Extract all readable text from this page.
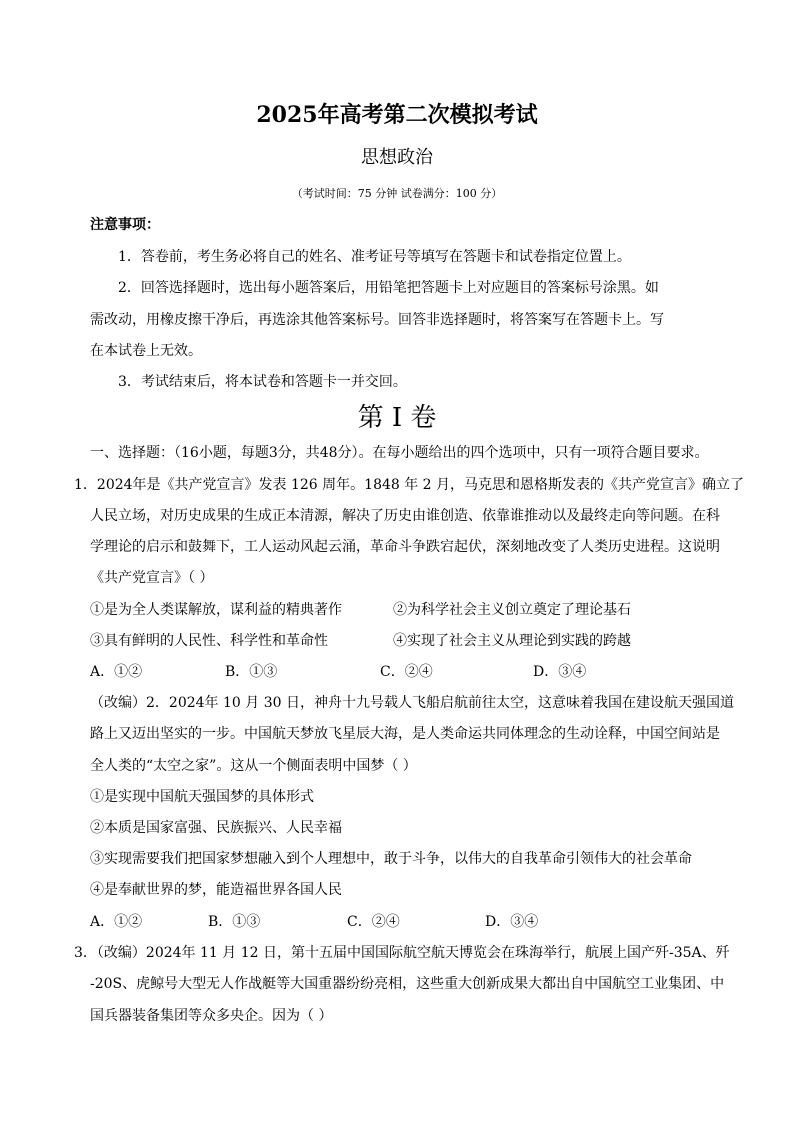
2025年高考第二次模拟考试
思想政治
（考试时间：75 分钟 试卷满分：100 分）
注意事项：
1．答卷前，考生务必将自己的姓名、准考证号等填写在答题卡和试卷指定位置上。
2．回答选择题时，选出每小题答案后，用铅笔把答题卡上对应题目的答案标号涂黑。如
需改动，用橡皮擦干净后，再选涂其他答案标号。回答非选择题时，将答案写在答题卡上。写
在本试卷上无效。
3．考试结束后，将本试卷和答题卡一并交回。
第 I 卷
一、选择题：（16小题，每题3分，共48分）。在每小题给出的四个选项中，只有一项符合题目要求。
1．2024年是《共产党宣言》发表 126 周年。1848 年 2 月，马克思和恩格斯发表的《共产党宣言》确立了
人民立场，对历史成果的生成正本清源，解决了历史由谁创造、依靠谁推动以及最终走向等问题。在科
学理论的启示和鼓舞下，工人运动风起云涌，革命斗争跌宕起伏，深刻地改变了人类历史进程。这说明
《共产党宣言》（ ）
①是为全人类谋解放，谋利益的精典著作	②为科学社会主义创立奠定了理论基石
③具有鲜明的人民性、科学性和革命性	④实现了社会主义从理论到实践的跨越
A．①②	B．①③	C．②④	D．③④
（改编）2．2024年 10 月 30 日，神舟十九号载人飞船启航前往太空，这意味着我国在建设航天强国道
路上又迈出坚实的一步。中国航天梦放飞星辰大海，是人类命运共同体理念的生动诠释，中国空间站是
全人类的“太空之家”。这从一个侧面表明中国梦（ ）
①是实现中国航天强国梦的具体形式
②本质是国家富强、民族振兴、人民幸福
③实现需要我们把国家梦想融入到个人理想中，敢于斗争，以伟大的自我革命引领伟大的社会革命
④是奉献世界的梦，能造福世界各国人民
A．①②	B．①③	C．②④	D．③④
3．（改编）2024年 11 月 12 日，第十五届中国国际航空航天博览会在珠海举行，航展上国产歼-35A、歼
-20S、虎鲸号大型无人作战艇等大国重器纷纷亮相，这些重大创新成果大都出自中国航空工业集团、中
国兵器装备集团等众多央企。因为（ ）
